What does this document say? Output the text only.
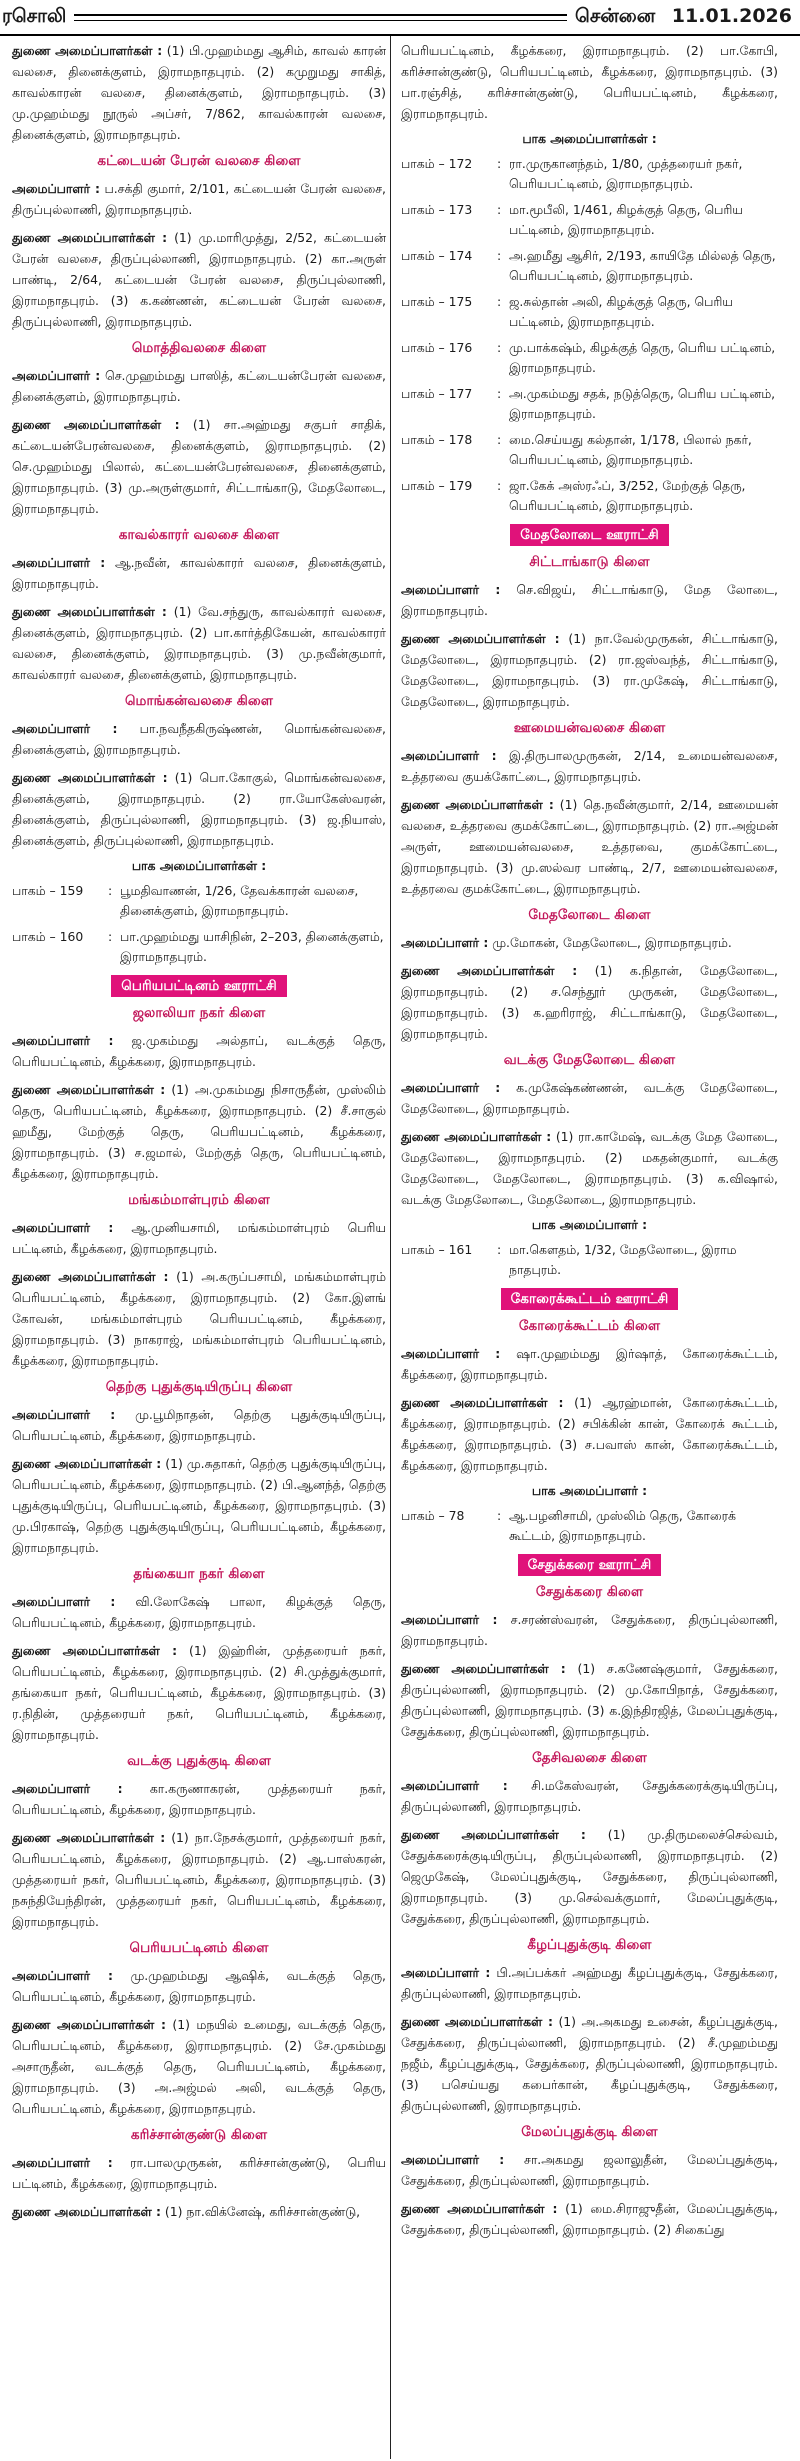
ரசொலி	சென்னை 11.01.2026

துணை அமைப்பாளர்கள் : (1) பி.முஹம்மது ஆசிம், காவல் காரன் வலசை, தினைக்குளம், இராமநாதபுரம். (2) கமுறுமது சாகித், காவல்காரன் வலசை, தினைக்குளம், இராமநாதபுரம். (3) மு.முஹம்மது நூருல் அப்சர், 7/862, காவல்காரன் வலசை, தினைக்குளம், இராமநாதபுரம்.

கட்டையன் பேரன் வலசை கிளை

அமைப்பாளர் : ப.சக்தி குமார், 2/101, கட்டையன் பேரன் வலசை, திருப்புல்லாணி, இராமநாதபுரம்.

துணை அமைப்பாளர்கள் : (1) மு.மாரிமுத்து, 2/52, கட்டையன் பேரன் வலசை, திருப்புல்லாணி, இராமநாதபுரம். (2) கா.அருள் பாண்டி, 2/64, கட்டையன் பேரன் வலசை, திருப்புல்லாணி, இராமநாதபுரம். (3) க.கண்ணன், கட்டையன் பேரன் வலசை, திருப்புல்லாணி, இராமநாதபுரம்.

மொத்திவலசை கிளை

அமைப்பாளர் : செ.முஹம்மது பாஸித், கட்டையன்பேரன் வலசை, தினைக்குளம், இராமநாதபுரம்.

துணை அமைப்பாளர்கள் : (1) சா.அஹ்மது சகுபர் சாதிக், கட்டையன்பேரன்வலசை, தினைக்குளம், இராமநாதபுரம். (2) செ.முஹம்மது பிலால், கட்டையன்பேரன்வலசை, தினைக்குளம், இராமநாதபுரம். (3) மு.அருள்குமார், சிட்டாங்காடு, மேதலோடை, இராமநாதபுரம்.

காவல்காரர் வலசை கிளை

அமைப்பாளர் : ஆ.நவீன், காவல்காரர் வலசை, தினைக்குளம், இராமநாதபுரம்.

துணை அமைப்பாளர்கள் : (1) வே.சந்துரு, காவல்காரர் வலசை, தினைக்குளம், இராமநாதபுரம். (2) பா.கார்த்திகேயன், காவல்காரர் வலசை, தினைக்குளம், இராமநாதபுரம். (3) மு.நவீன்குமார், காவல்காரர் வலசை, தினைக்குளம், இராமநாதபுரம்.

மொங்கன்வலசை கிளை

அமைப்பாளர் : பா.நவநீதகிருஷ்ணன், மொங்கன்வலசை, தினைக்குளம், இராமநாதபுரம்.

துணை அமைப்பாளர்கள் : (1) பொ.கோகுல், மொங்கன்வலசை, தினைக்குளம், இராமநாதபுரம். (2) ரா.யோகேஸ்வரன், தினைக்குளம், திருப்புல்லாணி, இராமநாதபுரம். (3) ஜ.நியாஸ், தினைக்குளம், திருப்புல்லாணி, இராமநாதபுரம்.

பாக அமைப்பாளர்கள் :
பாகம் – 159	: பூமதிவாணன், 1/26, தேவக்காரன் வலசை, தினைக்குளம், இராமநாதபுரம்.
பாகம் – 160	: பா.முஹம்மது யாசிநின், 2–203, தினைக்குளம், இராமநாதபுரம்.
பெரியபட்டினம் ஊராட்சி
ஜலாலியா நகர் கிளை

அமைப்பாளர் : ஜ.முகம்மது அல்தாப், வடக்குத் தெரு, பெரியபட்டினம், கீழக்கரை, இராமநாதபுரம்.

துணை அமைப்பாளர்கள் : (1) அ.முகம்மது நிசாருதீன், முஸ்லிம் தெரு, பெரியபட்டினம், கீழக்கரை, இராமநாதபுரம். (2) சீ.சாகுல் ஹமீது, மேற்குத் தெரு, பெரியபட்டினம், கீழக்கரை, இராமநாதபுரம். (3) ச.ஜமால், மேற்குத் தெரு, பெரியபட்டினம், கீழக்கரை, இராமநாதபுரம்.

மங்கம்மாள்புரம் கிளை

அமைப்பாளர் : ஆ.முனியசாமி, மங்கம்மாள்புரம் பெரிய பட்டினம், கீழக்கரை, இராமநாதபுரம்.

துணை அமைப்பாளர்கள் : (1) அ.கருப்பசாமி, மங்கம்மாள்புரம் பெரியபட்டினம், கீழக்கரை, இராமநாதபுரம். (2) கோ.இளங் கோவன், மங்கம்மாள்புரம் பெரியபட்டினம், கீழக்கரை, இராமநாதபுரம். (3) நாகராஜ், மங்கம்மாள்புரம் பெரியபட்டினம், கீழக்கரை, இராமநாதபுரம்.

தெற்கு புதுக்குடியிருப்பு கிளை

அமைப்பாளர் : மு.பூமிநாதன், தெற்கு புதுக்குடியிருப்பு, பெரியபட்டினம், கீழக்கரை, இராமநாதபுரம்.

துணை அமைப்பாளர்கள் : (1) மு.சுதாகர், தெற்கு புதுக்குடியிருப்பு, பெரியபட்டினம், கீழக்கரை, இராமநாதபுரம். (2) பி.ஆனந்த், தெற்கு புதுக்குடியிருப்பு, பெரியபட்டினம், கீழக்கரை, இராமநாதபுரம். (3) மு.பிரகாஷ், தெற்கு புதுக்குடியிருப்பு, பெரியபட்டினம், கீழக்கரை, இராமநாதபுரம்.

தங்கையா நகர் கிளை

அமைப்பாளர் : வி.லோகேஷ் பாலா, கிழக்குத் தெரு, பெரியபட்டினம், கீழக்கரை, இராமநாதபுரம்.

துணை அமைப்பாளர்கள் : (1) இஹ்ரின், முத்தரையர் நகர், பெரியபட்டினம், கீழக்கரை, இராமநாதபுரம். (2) சி.முத்துக்குமார், தங்கையா நகர், பெரியபட்டினம், கீழக்கரை, இராமநாதபுரம். (3) ர.நிதின், முத்தரையர் நகர், பெரியபட்டினம், கீழக்கரை, இராமநாதபுரம்.

வடக்கு புதுக்குடி கிளை

அமைப்பாளர் : கா.கருணாகரன், முத்தரையர் நகர், பெரியபட்டினம், கீழக்கரை, இராமநாதபுரம்.

துணை அமைப்பாளர்கள் : (1) நா.நேசக்குமார், முத்தரையர் நகர், பெரியபட்டினம், கீழக்கரை, இராமநாதபுரம். (2) ஆ.பாஸ்கரன், முத்தரையர் நகர், பெரியபட்டினம், கீழக்கரை, இராமநாதபுரம். (3) நசுந்தியேந்திரன், முத்தரையர் நகர், பெரியபட்டினம், கீழக்கரை, இராமநாதபுரம்.

பெரியபட்டினம் கிளை

அமைப்பாளர் : மு.முஹம்மது ஆஷிக், வடக்குத் தெரு, பெரியபட்டினம், கீழக்கரை, இராமநாதபுரம்.

துணை அமைப்பாளர்கள் : (1) மநயில் உமைது, வடக்குத் தெரு, பெரியபட்டினம், கீழக்கரை, இராமநாதபுரம். (2) சே.முகம்மது அசாருதீன், வடக்குத் தெரு, பெரியபட்டினம், கீழக்கரை, இராமநாதபுரம். (3) அ.அஜ்மல் அலி, வடக்குத் தெரு, பெரியபட்டினம், கீழக்கரை, இராமநாதபுரம்.

கரிச்சான்குண்டு கிளை

அமைப்பாளர் : ரா.பாலமுருகன், கரிச்சான்குண்டு, பெரிய பட்டினம், கீழக்கரை, இராமநாதபுரம்.

துணை அமைப்பாளர்கள் : (1) நா.விக்னேஷ், கரிச்சான்குண்டு,

பெரியபட்டினம், கீழக்கரை, இராமநாதபுரம். (2) பா.கோபி, கரிச்சான்குண்டு, பெரியபட்டினம், கீழக்கரை, இராமநாதபுரம். (3) பா.ரஞ்சித், கரிச்சான்குண்டு, பெரியபட்டினம், கீழக்கரை, இராமநாதபுரம்.

பாக அமைப்பாளர்கள் :
பாகம் – 172	: ரா.முருகானந்தம், 1/80, முத்தரையர் நகர், பெரியபட்டினம், இராமநாதபுரம்.
பாகம் – 173	: மா.மூபீலி, 1/461, கிழக்குத் தெரு, பெரிய பட்டினம், இராமநாதபுரம்.
பாகம் – 174	: அ.ஹமீது ஆசிர், 2/193, காயிதே மில்லத் தெரு, பெரியபட்டினம், இராமநாதபுரம்.
பாகம் – 175	: ஜ.சுல்தான் அலி, கிழக்குத் தெரு, பெரிய பட்டினம், இராமநாதபுரம்.
பாகம் – 176	: மு.பாக்கஷ்ம், கிழக்குத் தெரு, பெரிய பட்டினம், இராமநாதபுரம்.
பாகம் – 177	: அ.முகம்மது சதக், நடுத்தெரு, பெரிய பட்டினம், இராமநாதபுரம்.
பாகம் – 178	: மை.செய்யது கல்தான், 1/178, பிலால் நகர், பெரியபட்டினம், இராமநாதபுரம்.
பாகம் – 179	: ஜா.கேக் அஸ்ரஃப், 3/252, மேற்குத் தெரு, பெரியபட்டினம், இராமநாதபுரம்.
மேதலோடை ஊராட்சி
சிட்டாங்காடு கிளை

அமைப்பாளர் : செ.விஜய், சிட்டாங்காடு, மேத லோடை, இராமநாதபுரம்.

துணை அமைப்பாளர்கள் : (1) நா.வேல்முருகன், சிட்டாங்காடு, மேதலோடை, இராமநாதபுரம். (2) ரா.ஜஸ்வந்த், சிட்டாங்காடு, மேதலோடை, இராமநாதபுரம். (3) ரா.முகேஷ், சிட்டாங்காடு, மேதலோடை, இராமநாதபுரம்.

ஊமையன்வலசை கிளை

அமைப்பாளர் : இ.திருபாலமுருகன், 2/14, உமையன்வலசை, உத்தரவை குயக்கோட்டை, இராமநாதபுரம்.

துணை அமைப்பாளர்கள் : (1) தெ.நவீன்குமார், 2/14, ஊமையன் வலசை, உத்தரவை குமக்கோட்டை, இராமநாதபுரம். (2) ரா.அஜ்மன் அருள், ஊமையன்வலசை, உத்தரவை, குமக்கோட்டை, இராமநாதபுரம். (3) மு.ஸல்வர பாண்டி, 2/7, ஊமையன்வலசை, உத்தரவை குமக்கோட்டை, இராமநாதபுரம்.

மேதலோடை கிளை

அமைப்பாளர் : மு.மோகன், மேதலோடை, இராமநாதபுரம்.

துணை அமைப்பாளர்கள் : (1) க.நிதான், மேதலோடை, இராமநாதபுரம். (2) ச.செந்தூர் முருகன், மேதலோடை, இராமநாதபுரம். (3) க.ஹரிராஜ், சிட்டாங்காடு, மேதலோடை, இராமநாதபுரம்.

வடக்கு மேதலோடை கிளை

அமைப்பாளர் : க.முகேஷ்கண்ணன், வடக்கு மேதலோடை, மேதலோடை, இராமநாதபுரம்.

துணை அமைப்பாளர்கள் : (1) ரா.காமேஷ், வடக்கு மேத லோடை, மேதலோடை, இராமநாதபுரம். (2) மகதன்குமார், வடக்கு மேதலோடை, மேதலோடை, இராமநாதபுரம். (3) க.விஷால், வடக்கு மேதலோடை, மேதலோடை, இராமநாதபுரம்.

பாக அமைப்பாளர் :
பாகம் – 161	: மா.கௌதம், 1/32, மேதலோடை, இராம நாதபுரம்.
கோரைக்கூட்டம் ஊராட்சி
கோரைக்கூட்டம் கிளை

அமைப்பாளர் : ஷா.முஹம்மது இர்ஷாத், கோரைக்கூட்டம், கீழக்கரை, இராமநாதபுரம்.

துணை அமைப்பாளர்கள் : (1) ஆரஹ்மான், கோரைக்கூட்டம், கீழக்கரை, இராமநாதபுரம். (2) சபிக்கின் கான், கோரைக் கூட்டம், கீழக்கரை, இராமநாதபுரம். (3) ச.பவாஸ் கான், கோரைக்கூட்டம், கீழக்கரை, இராமநாதபுரம்.

பாக அமைப்பாளர் :
பாகம் – 78	: ஆ.பழனிசாமி, முஸ்லிம் தெரு, கோரைக் கூட்டம், இராமநாதபுரம்.
சேதுக்கரை ஊராட்சி
சேதுக்கரை கிளை

அமைப்பாளர் : ச.சரண்ஸ்வரன், சேதுக்கரை, திருப்புல்லாணி, இராமநாதபுரம்.

துணை அமைப்பாளர்கள் : (1) ச.கணேஷ்குமார், சேதுக்கரை, திருப்புல்லாணி, இராமநாதபுரம். (2) மு.கோபிநாத், சேதுக்கரை, திருப்புல்லாணி, இராமநாதபுரம். (3) க.இந்திரஜித், மேலப்புதுக்குடி, சேதுக்கரை, திருப்புல்லாணி, இராமநாதபுரம்.

தேசிவலசை கிளை

அமைப்பாளர் : சி.மகேஸ்வரன், சேதுக்கரைக்குடியிருப்பு, திருப்புல்லாணி, இராமநாதபுரம்.

துணை அமைப்பாளர்கள் : (1) மு.திருமலைச்செல்வம், சேதுக்கரைக்குடியிருப்பு, திருப்புல்லாணி, இராமநாதபுரம். (2) ஜெமுகேஷ், மேலப்புதுக்குடி, சேதுக்கரை, திருப்புல்லாணி, இராமநாதபுரம். (3) மு.செல்வக்குமார், மேலப்புதுக்குடி, சேதுக்கரை, திருப்புல்லாணி, இராமநாதபுரம்.

கீழப்புதுக்குடி கிளை

அமைப்பாளர் : பி.அப்பக்கர் அஹ்மது கீழப்புதுக்குடி, சேதுக்கரை, திருப்புல்லாணி, இராமநாதபுரம்.

துணை அமைப்பாளர்கள் : (1) அ.அகமது உசைன், கீழப்புதுக்குடி, சேதுக்கரை, திருப்புல்லாணி, இராமநாதபுரம். (2) சீ.முஹம்மது நஜீம், கீழப்புதுக்குடி, சேதுக்கரை, திருப்புல்லாணி, இராமநாதபுரம். (3) பசெய்யது கபைர்கான், கீழப்புதுக்குடி, சேதுக்கரை, திருப்புல்லாணி, இராமநாதபுரம்.

மேலப்புதுக்குடி கிளை

அமைப்பாளர் : சா.அகமது ஜலாலுதீன், மேலப்புதுக்குடி, சேதுக்கரை, திருப்புல்லாணி, இராமநாதபுரம்.

துணை அமைப்பாளர்கள் : (1) மை.சிராஜுதீன், மேலப்புதுக்குடி, சேதுக்கரை, திருப்புல்லாணி, இராமநாதபுரம். (2) சிகைப்து
